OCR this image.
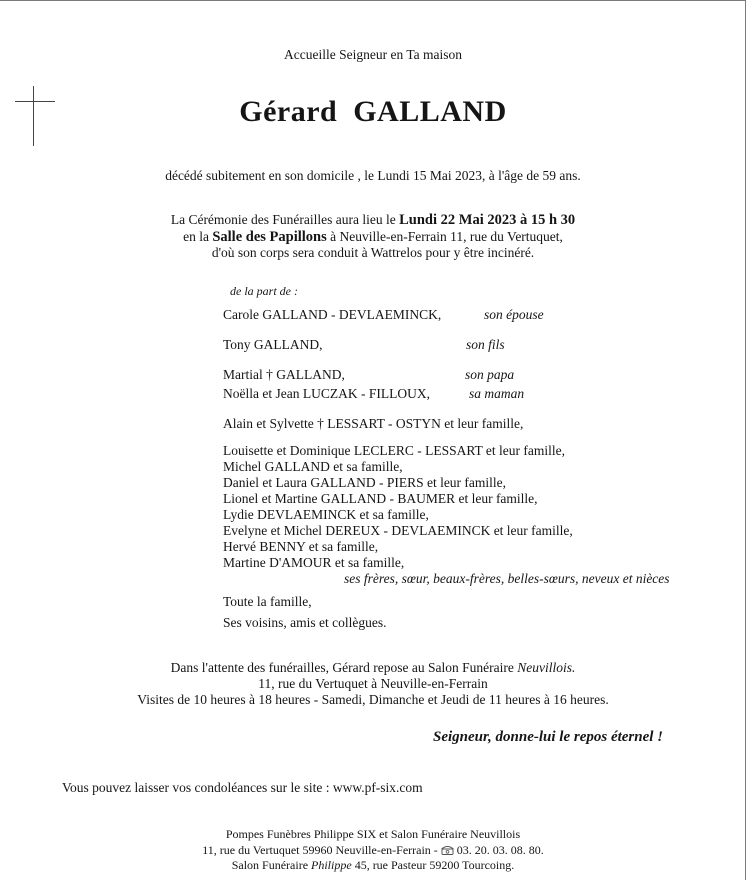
Accueille Seigneur en Ta maison
Gérard GALLAND
décédé subitement en son domicile , le Lundi 15 Mai 2023, à l'âge de 59 ans.
La Cérémonie des Funérailles aura lieu le Lundi 22 Mai 2023 à 15 h 30
en la Salle des Papillons à Neuville-en-Ferrain 11, rue du Vertuquet,
d'où son corps sera conduit à Wattrelos pour y être incinéré.
de la part de :
Carole GALLAND - DEVLAEMINCK,	son épouse
Tony GALLAND,	son fils
Martial † GALLAND,	son papa
Noëlla et Jean LUCZAK - FILLOUX,	sa maman
Alain et Sylvette † LESSART - OSTYN et leur famille,
Louisette et Dominique LECLERC - LESSART et leur famille,
Michel GALLAND et sa famille,
Daniel et Laura GALLAND - PIERS et leur famille,
Lionel et Martine GALLAND - BAUMER et leur famille,
Lydie DEVLAEMINCK et sa famille,
Evelyne et Michel DEREUX - DEVLAEMINCK et leur famille,
Hervé BENNY et sa famille,
Martine D'AMOUR et sa famille,
ses frères, sœur, beaux-frères, belles-sœurs, neveux et nièces
Toute la famille,
Ses voisins, amis et collègues.
Dans l'attente des funérailles, Gérard repose au Salon Funéraire Neuvillois.
11, rue du Vertuquet à Neuville-en-Ferrain
Visites de 10 heures à 18 heures - Samedi, Dimanche et Jeudi de 11 heures à 16 heures.
Seigneur, donne-lui le repos éternel !
Vous pouvez laisser vos condoléances sur le site : www.pf-six.com
Pompes Funèbres Philippe SIX et Salon Funéraire Neuvillois
11, rue du Vertuquet 59960 Neuville-en-Ferrain - 03. 20. 03. 08. 80.
Salon Funéraire Philippe 45, rue Pasteur 59200 Tourcoing.
